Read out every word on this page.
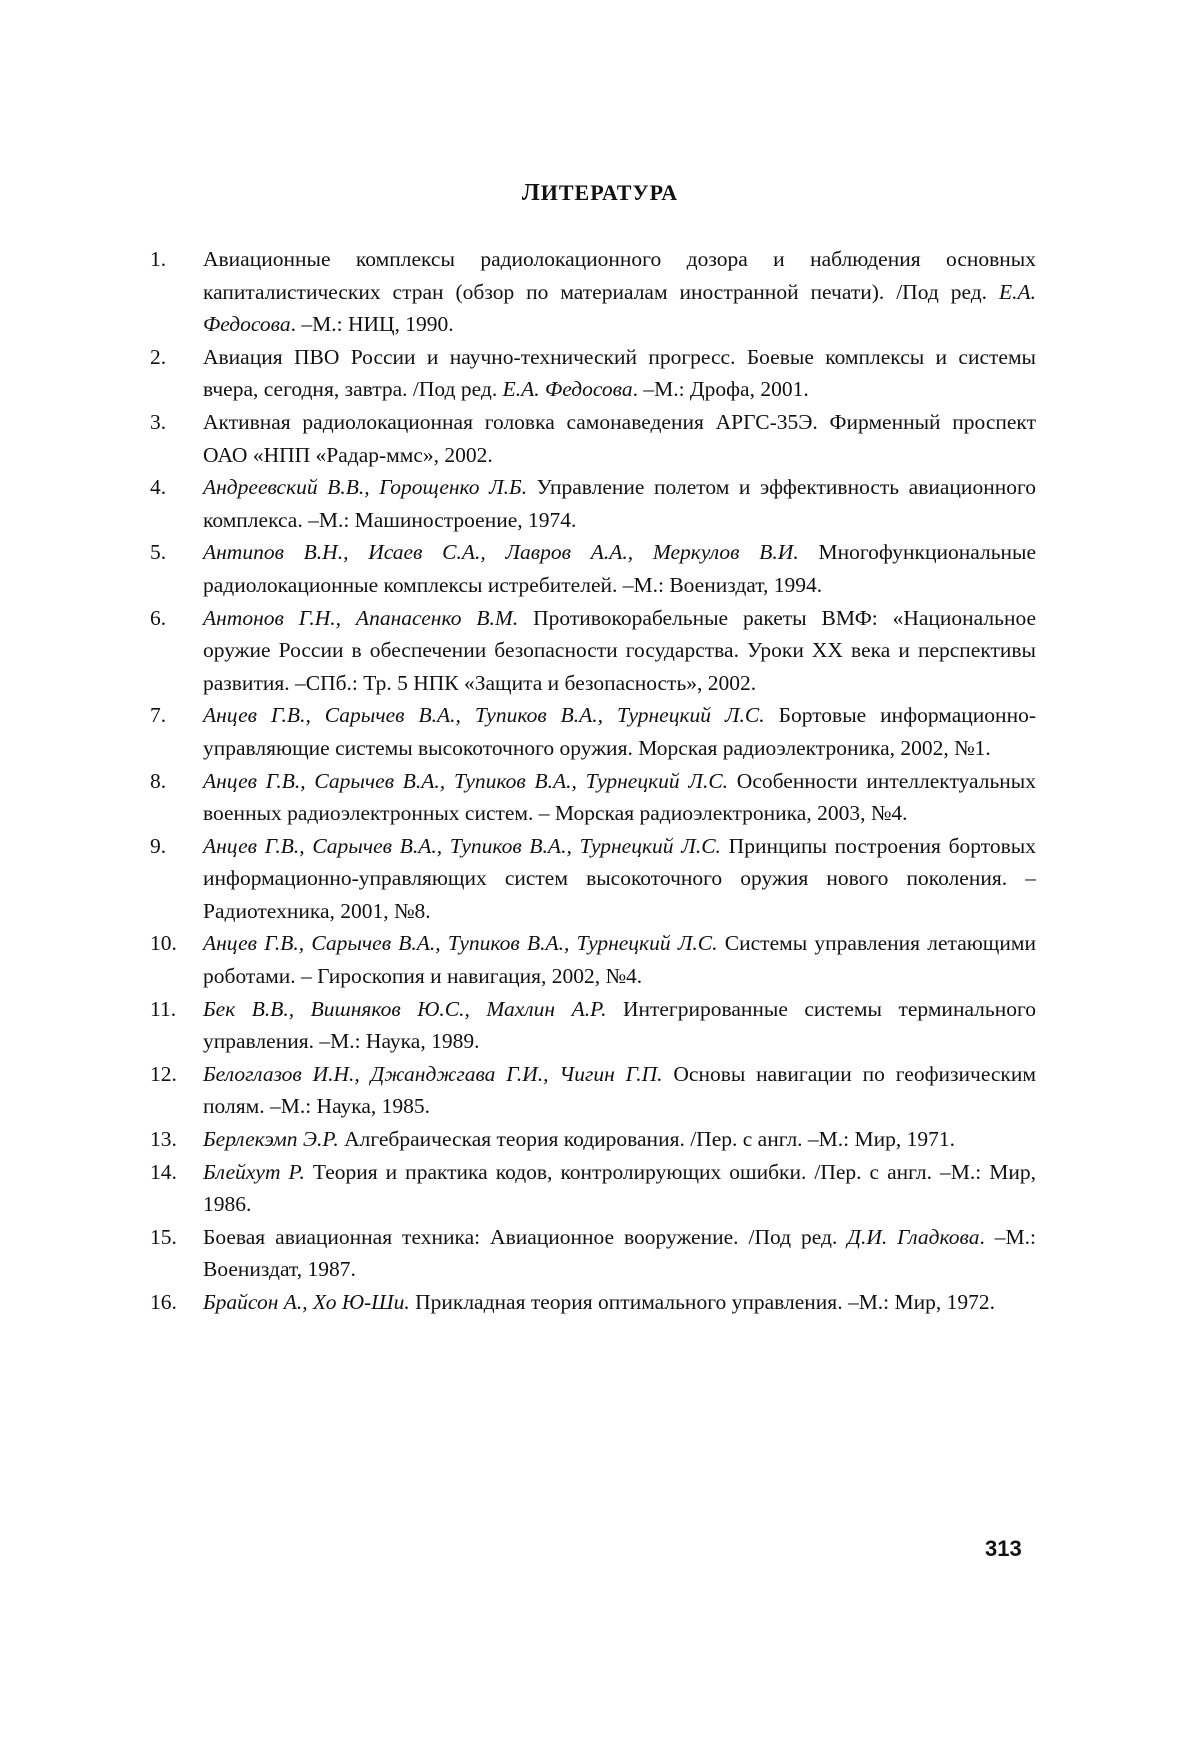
ЛИТЕРАТУРА
1.	Авиационные комплексы радиолокационного дозора и наблюдения основных капиталистических стран (обзор по материалам иностранной печати). /Под ред. Е.А. Федосова. –М.: НИЦ, 1990.
2.	Авиация ПВО России и научно-технический прогресс. Боевые комплексы и системы вчера, сегодня, завтра. /Под ред. Е.А. Федосова. –М.: Дрофа, 2001.
3.	Активная радиолокационная головка самонаведения АРГС-35Э. Фирменный проспект ОАО «НПП «Радар-ммс», 2002.
4.	Андреевский В.В., Горощенко Л.Б. Управление полетом и эффективность авиационного комплекса. –М.: Машиностроение, 1974.
5.	Антипов В.Н., Исаев С.А., Лавров А.А., Меркулов В.И. Многофункциональные радиолокационные комплексы истребителей. –М.: Воениздат, 1994.
6.	Антонов Г.Н., Апанасенко В.М. Противокорабельные ракеты ВМФ: «Национальное оружие России в обеспечении безопасности государства. Уроки XX века и перспективы развития. –СПб.: Тр. 5 НПК «Защита и безопасность», 2002.
7.	Анцев Г.В., Сарычев В.А., Тупиков В.А., Турнецкий Л.С. Бортовые информационно-управляющие системы высокоточного оружия. Морская радиоэлектроника, 2002, №1.
8.	Анцев Г.В., Сарычев В.А., Тупиков В.А., Турнецкий Л.С. Особенности интеллектуальных военных радиоэлектронных систем. – Морская радиоэлектроника, 2003, №4.
9.	Анцев Г.В., Сарычев В.А., Тупиков В.А., Турнецкий Л.С. Принципы построения бортовых информационно-управляющих систем высокоточного оружия нового поколения. – Радиотехника, 2001, №8.
10.	Анцев Г.В., Сарычев В.А., Тупиков В.А., Турнецкий Л.С. Системы управления летающими роботами. – Гироскопия и навигация, 2002, №4.
11.	Бек В.В., Вишняков Ю.С., Махлин А.Р. Интегрированные системы терминального управления. –М.: Наука, 1989.
12.	Белоглазов И.Н., Джанджгава Г.И., Чигин Г.П. Основы навигации по геофизическим полям. –М.: Наука, 1985.
13.	Берлекэмп Э.Р. Алгебраическая теория кодирования. /Пер. с англ. –М.: Мир, 1971.
14.	Блейхут Р. Теория и практика кодов, контролирующих ошибки. /Пер. с англ. –М.: Мир, 1986.
15.	Боевая авиационная техника: Авиационное вооружение. /Под ред. Д.И. Гладкова. –М.: Воениздат, 1987.
16.	Брайсон А., Хо Ю-Ши. Прикладная теория оптимального управления. –М.: Мир, 1972.
313
